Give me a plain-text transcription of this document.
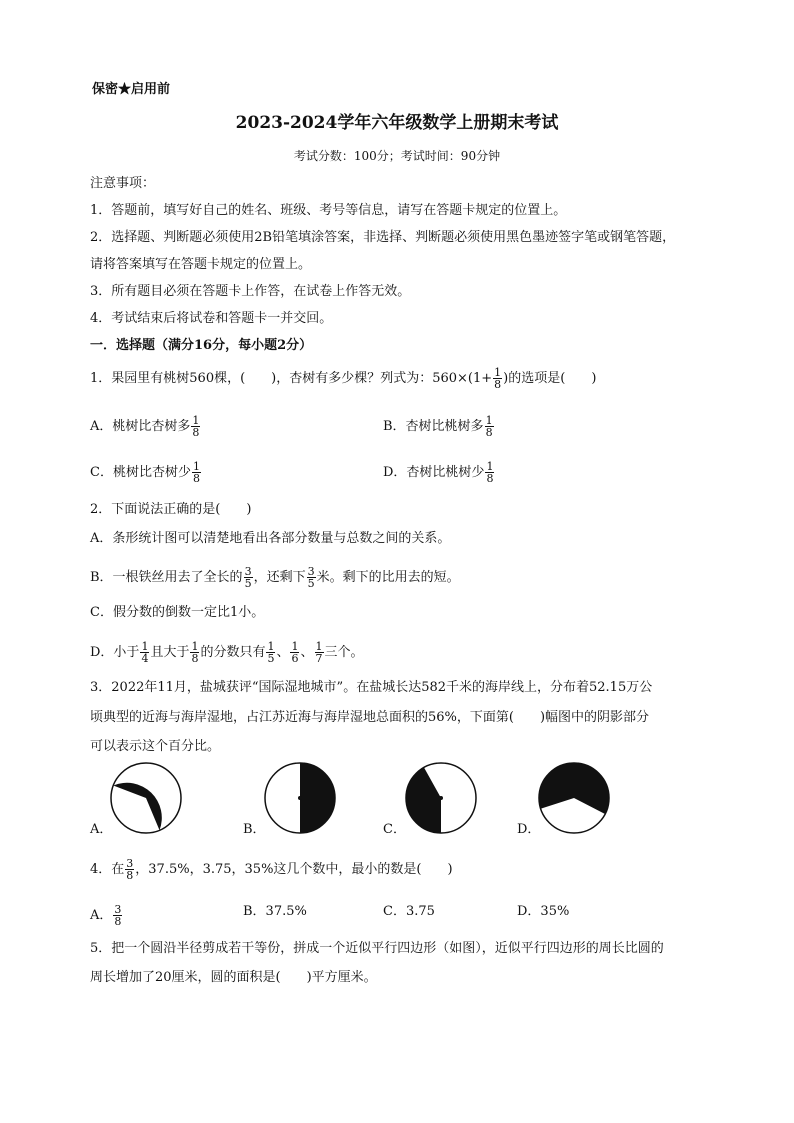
保密★启用前
2023-2024学年六年级数学上册期末考试
考试分数：100分；考试时间：90分钟
注意事项：
1．答题前，填写好自己的姓名、班级、考号等信息，请写在答题卡规定的位置上。
2．选择题、判断题必须使用2B铅笔填涂答案，非选择、判断题必须使用黑色墨迹签字笔或钢笔答题，
请将答案填写在答题卡规定的位置上。
3．所有题目必须在答题卡上作答，在试卷上作答无效。
4．考试结束后将试卷和答题卡一并交回。
一．选择题（满分16分，每小题2分）
1．果园里有桃树560棵，(　　)，杏树有多少棵？列式为：$560\times(1+ \frac{1}{8}$ )的选项是(　　)
A．桃树比杏树多 $\frac{1}{8}$	B．杏树比桃树多 $\frac{1}{8}$
C．桃树比杏树少 $\frac{1}{8}$	D．杏树比桃树少 $\frac{1}{8}$
2．下面说法正确的是(　　)
A．条形统计图可以清楚地看出各部分数量与总数之间的关系。
B．一根铁丝用去了全长的 $\frac{3}{5}$ ，还剩下 $\frac{3}{5}$ 米。剩下的比用去的短。
C．假分数的倒数一定比1小。
D．小于 $\frac{1}{4}$ 且大于 $\frac{1}{8}$ 的分数只有 $\frac{1}{5}$ 、 $\frac{1}{6}$ 、 $\frac{1}{7}$ 三个。
3．2022年11月，盐城获评“国际湿地城市”。在盐城长达582千米的海岸线上，分布着52.15万公
顷典型的近海与海岸湿地，占江苏近海与海岸湿地总面积的56%，下面第(　　)幅图中的阴影部分
可以表示这个百分比。
A．	B．	C．	D．
4．在 $\frac{3}{8}$ ，37.5%，3.75，35%这几个数中，最小的数是(　　)
A． $\frac{3}{8}$	B．37.5%	C．3.75	D．35%
5．把一个圆沿半径剪成若干等份，拼成一个近似平行四边形（如图），近似平行四边形的周长比圆的
周长增加了20厘米，圆的面积是(　　)平方厘米。
